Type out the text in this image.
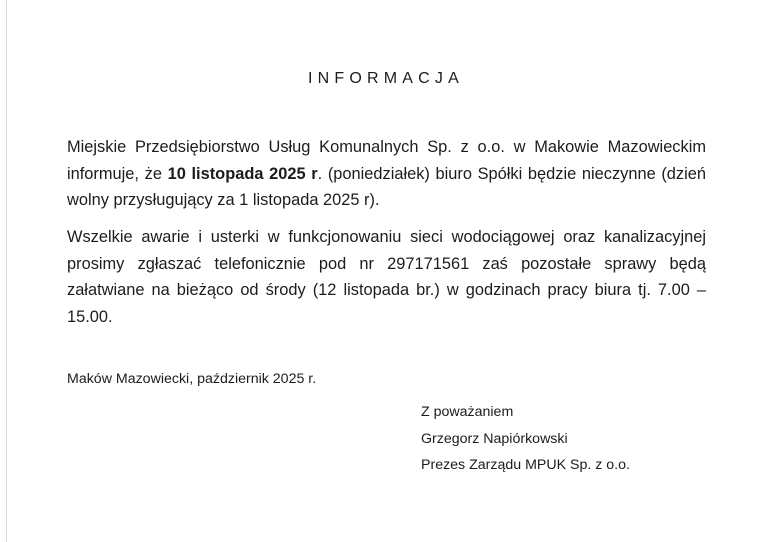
INFORMACJA

Miejskie Przedsiębiorstwo Usług Komunalnych Sp. z o.o. w Makowie Mazowieckim informuje, że 10 listopada 2025 r. (poniedziałek) biuro Spółki będzie nieczynne (dzień wolny przysługujący za 1 listopada 2025 r).

Wszelkie awarie i usterki w funkcjonowaniu sieci wodociągowej oraz kanalizacyjnej prosimy zgłaszać telefonicznie pod nr 297171561 zaś pozostałe sprawy będą załatwiane na bieżąco od środy (12 listopada br.) w godzinach pracy biura tj. 7.00 – 15.00.

Maków Mazowiecki, październik 2025 r.
Z poważaniem
Grzegorz Napiórkowski
Prezes Zarządu MPUK Sp. z o.o.
